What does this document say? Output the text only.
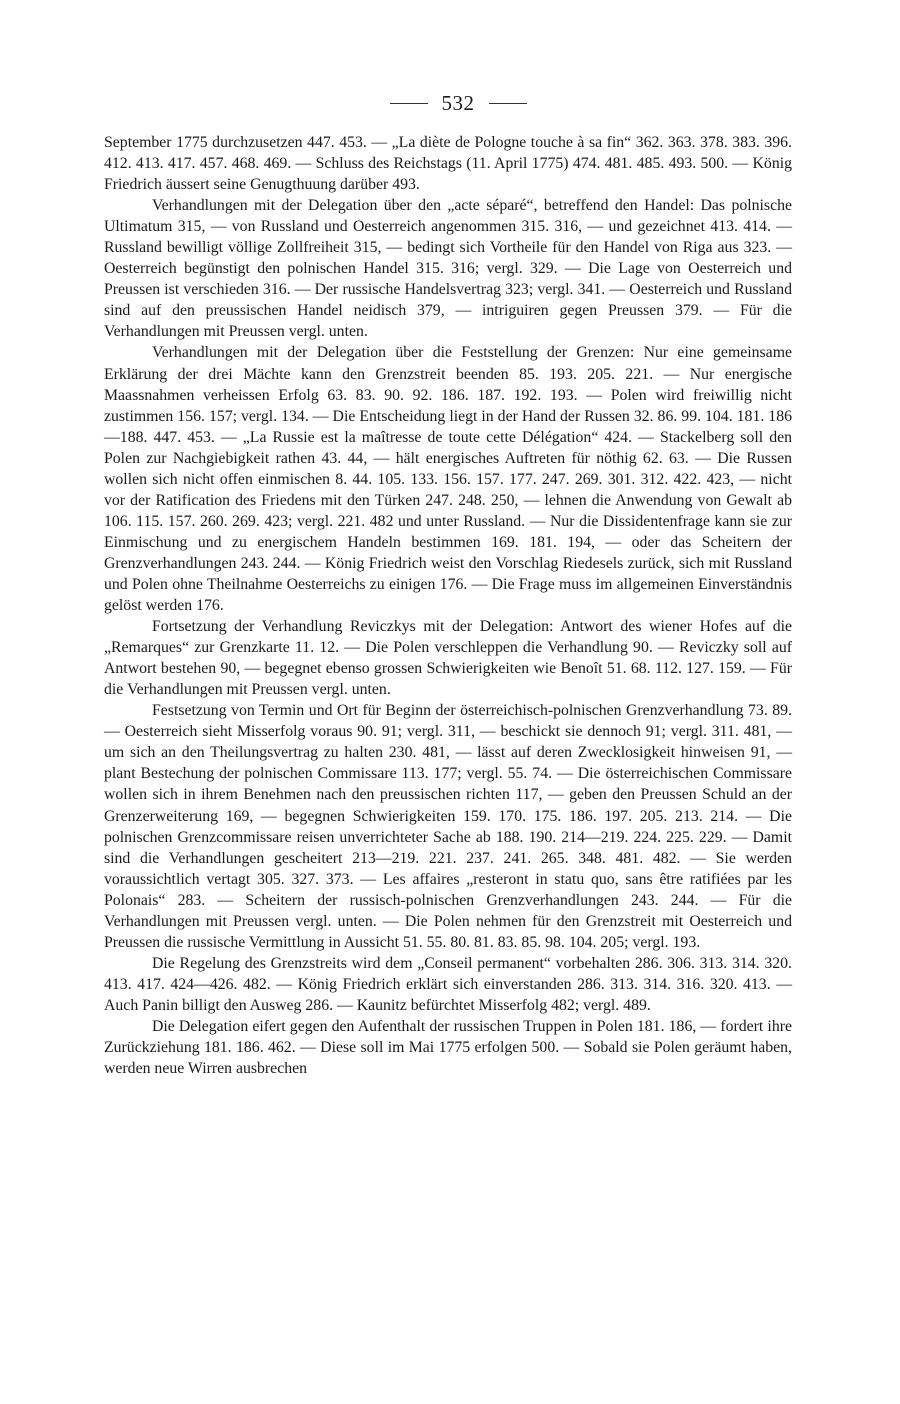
532

September 1775 durchzusetzen 447. 453. — „La diète de Pologne touche à sa fin“ 362. 363. 378. 383. 396. 412. 413. 417. 457. 468. 469. — Schluss des Reichstags (11. April 1775) 474. 481. 485. 493. 500. — König Friedrich äussert seine Genugthuung darüber 493.

Verhandlungen mit der Delegation über den „acte séparé“, betreffend den Handel: Das polnische Ultimatum 315, — von Russland und Oesterreich angenommen 315. 316, — und gezeichnet 413. 414. — Russland bewilligt völlige Zollfreiheit 315, — bedingt sich Vortheile für den Handel von Riga aus 323. — Oesterreich begünstigt den polnischen Handel 315. 316; vergl. 329. — Die Lage von Oesterreich und Preussen ist verschieden 316. — Der russische Handelsvertrag 323; vergl. 341. — Oesterreich und Russland sind auf den preussischen Handel neidisch 379, — intriguiren gegen Preussen 379. — Für die Verhandlungen mit Preussen vergl. unten.

Verhandlungen mit der Delegation über die Feststellung der Grenzen: Nur eine gemeinsame Erklärung der drei Mächte kann den Grenzstreit beenden 85. 193. 205. 221. — Nur energische Maassnahmen verheissen Erfolg 63. 83. 90. 92. 186. 187. 192. 193. — Polen wird freiwillig nicht zustimmen 156. 157; vergl. 134. — Die Entscheidung liegt in der Hand der Russen 32. 86. 99. 104. 181. 186—188. 447. 453. — „La Russie est la maîtresse de toute cette Délégation“ 424. — Stackelberg soll den Polen zur Nachgiebigkeit rathen 43. 44, — hält energisches Auftreten für nöthig 62. 63. — Die Russen wollen sich nicht offen einmischen 8. 44. 105. 133. 156. 157. 177. 247. 269. 301. 312. 422. 423, — nicht vor der Ratification des Friedens mit den Türken 247. 248. 250, — lehnen die Anwendung von Gewalt ab 106. 115. 157. 260. 269. 423; vergl. 221. 482 und unter Russland. — Nur die Dissidentenfrage kann sie zur Einmischung und zu energischem Handeln bestimmen 169. 181. 194, — oder das Scheitern der Grenzverhandlungen 243. 244. — König Friedrich weist den Vorschlag Riedesels zurück, sich mit Russland und Polen ohne Theilnahme Oesterreichs zu einigen 176. — Die Frage muss im allgemeinen Einverständnis gelöst werden 176.

Fortsetzung der Verhandlung Reviczkys mit der Delegation: Antwort des wiener Hofes auf die „Remarques“ zur Grenzkarte 11. 12. — Die Polen verschleppen die Verhandlung 90. — Reviczky soll auf Antwort bestehen 90, — begegnet ebenso grossen Schwierigkeiten wie Benoît 51. 68. 112. 127. 159. — Für die Verhandlungen mit Preussen vergl. unten.

Festsetzung von Termin und Ort für Beginn der österreichisch-polnischen Grenzverhandlung 73. 89. — Oesterreich sieht Misserfolg voraus 90. 91; vergl. 311, — beschickt sie dennoch 91; vergl. 311. 481, — um sich an den Theilungsvertrag zu halten 230. 481, — lässt auf deren Zwecklosigkeit hinweisen 91, — plant Bestechung der polnischen Commissare 113. 177; vergl. 55. 74. — Die österreichischen Commissare wollen sich in ihrem Benehmen nach den preussischen richten 117, — geben den Preussen Schuld an der Grenzerweiterung 169, — begegnen Schwierigkeiten 159. 170. 175. 186. 197. 205. 213. 214. — Die polnischen Grenzcommissare reisen unverrichteter Sache ab 188. 190. 214—219. 224. 225. 229. — Damit sind die Verhandlungen gescheitert 213—219. 221. 237. 241. 265. 348. 481. 482. — Sie werden voraussichtlich vertagt 305. 327. 373. — Les affaires „resteront in statu quo, sans être ratifiées par les Polonais“ 283. — Scheitern der russisch-polnischen Grenzverhandlungen 243. 244. — Für die Verhandlungen mit Preussen vergl. unten. — Die Polen nehmen für den Grenzstreit mit Oesterreich und Preussen die russische Vermittlung in Aussicht 51. 55. 80. 81. 83. 85. 98. 104. 205; vergl. 193.

Die Regelung des Grenzstreits wird dem „Conseil permanent“ vorbehalten 286. 306. 313. 314. 320. 413. 417. 424—426. 482. — König Friedrich erklärt sich einverstanden 286. 313. 314. 316. 320. 413. — Auch Panin billigt den Ausweg 286. — Kaunitz befürchtet Misserfolg 482; vergl. 489.

Die Delegation eifert gegen den Aufenthalt der russischen Truppen in Polen 181. 186, — fordert ihre Zurückziehung 181. 186. 462. — Diese soll im Mai 1775 erfolgen 500. — Sobald sie Polen geräumt haben, werden neue Wirren ausbrechen
